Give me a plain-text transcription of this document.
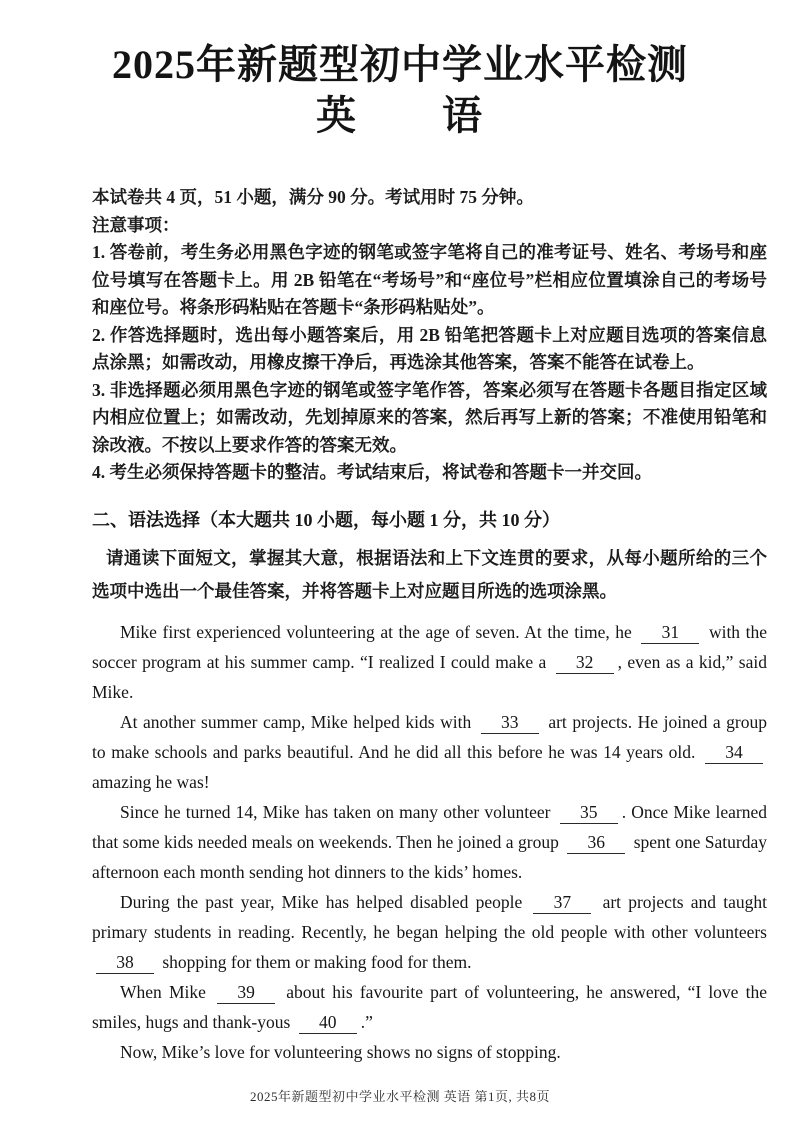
2025年新题型初中学业水平检测
英　　语

本试卷共 4 页，51 小题，满分 90 分。考试用时 75 分钟。

注意事项：

1. 答卷前，考生务必用黑色字迹的钢笔或签字笔将自己的准考证号、姓名、考场号和座位号填写在答题卡上。用 2B 铅笔在“考场号”和“座位号”栏相应位置填涂自己的考场号和座位号。将条形码粘贴在答题卡“条形码粘贴处”。

2. 作答选择题时，选出每小题答案后，用 2B 铅笔把答题卡上对应题目选项的答案信息点涂黑；如需改动，用橡皮擦干净后，再选涂其他答案，答案不能答在试卷上。

3. 非选择题必须用黑色字迹的钢笔或签字笔作答，答案必须写在答题卡各题目指定区域内相应位置上；如需改动，先划掉原来的答案，然后再写上新的答案；不准使用铅笔和涂改液。不按以上要求作答的答案无效。

4. 考生必须保持答题卡的整洁。考试结束后，将试卷和答题卡一并交回。

二、语法选择（本大题共 10 小题，每小题 1 分，共 10 分）
请通读下面短文，掌握其大意，根据语法和上下文连贯的要求，从每小题所给的三个选项中选出一个最佳答案，并将答题卡上对应题目所选的选项涂黑。

Mike first experienced volunteering at the age of seven. At the time, he 31 with the soccer program at his summer camp. “I realized I could make a 32 , even as a kid,” said Mike.

At another summer camp, Mike helped kids with 33 art projects. He joined a group to make schools and parks beautiful. And he did all this before he was 14 years old. 34 amazing he was!

Since he turned 14, Mike has taken on many other volunteer 35 . Once Mike learned that some kids needed meals on weekends. Then he joined a group 36 spent one Saturday afternoon each month sending hot dinners to the kids’ homes.

During the past year, Mike has helped disabled people 37 art projects and taught primary students in reading. Recently, he began helping the old people with other volunteers 38 shopping for them or making food for them.

When Mike 39 about his favourite part of volunteering, he answered, “I love the smiles, hugs and thank-yous 40 .”

Now, Mike’s love for volunteering shows no signs of stopping.

2025年新题型初中学业水平检测 英语 第1页, 共8页
